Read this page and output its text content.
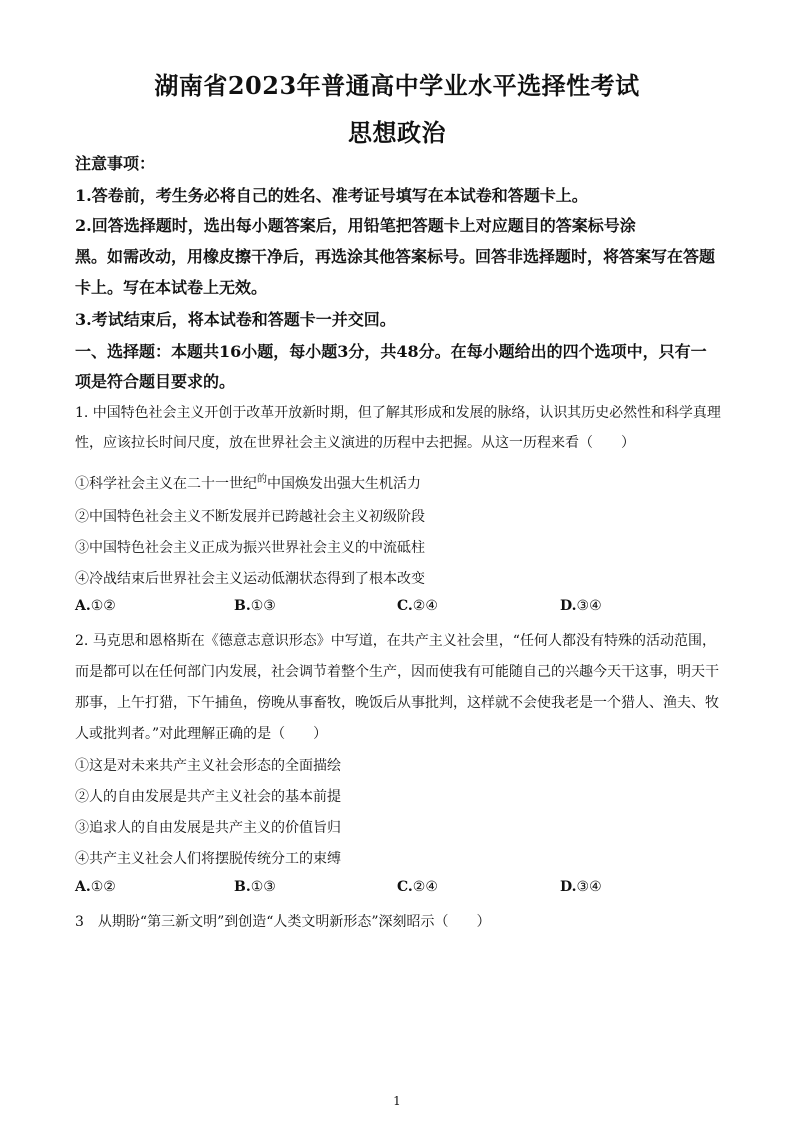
湖南省2023年普通高中学业水平选择性考试
思想政治
注意事项：
1.答卷前，考生务必将自己的姓名、准考证号填写在本试卷和答题卡上。
2.回答选择题时，选出每小题答案后，用铅笔把答题卡上对应题目的答案标号涂
黑。如需改动，用橡皮擦干净后，再选涂其他答案标号。回答非选择题时，将答案写在答题
卡上。写在本试卷上无效。
3.考试结束后，将本试卷和答题卡一并交回。
一、选择题：本题共16小题，每小题3分，共48分。在每小题给出的四个选项中，只有一
项是符合题目要求的。
1. 中国特色社会主义开创于改革开放新时期，但了解其形成和发展的脉络，认识其历史必然性和科学真理
性，应该拉长时间尺度，放在世界社会主义演进的历程中去把握。从这一历程来看（　　）
①科学社会主义在二十一世纪$^的$中国焕发出强大生机活力
②中国特色社会主义不断发展并已跨越社会主义初级阶段
③中国特色社会主义正成为振兴世界社会主义的中流砥柱
④冷战结束后世界社会主义运动低潮状态得到了根本改变
A.①②	B.①③	C.②④	D.③④
2. 马克思和恩格斯在《德意志意识形态》中写道，在共产主义社会里，“任何人都没有特殊的活动范围，
而是都可以在任何部门内发展，社会调节着整个生产，因而使我有可能随自己的兴趣今天干这事，明天干
那事，上午打猎，下午捕鱼，傍晚从事畜牧，晚饭后从事批判，这样就不会使我老是一个猎人、渔夫、牧
人或批判者。”对此理解正确的是（　　）
①这是对未来共产主义社会形态的全面描绘
②人的自由发展是共产主义社会的基本前提
③追求人的自由发展是共产主义的价值旨归
④共产主义社会人们将摆脱传统分工的束缚
A.①②	B.①③	C.②④	D.③④
3　从期盼“第三新文明”到创造“人类文明新形态”深刻昭示（　　）
1
